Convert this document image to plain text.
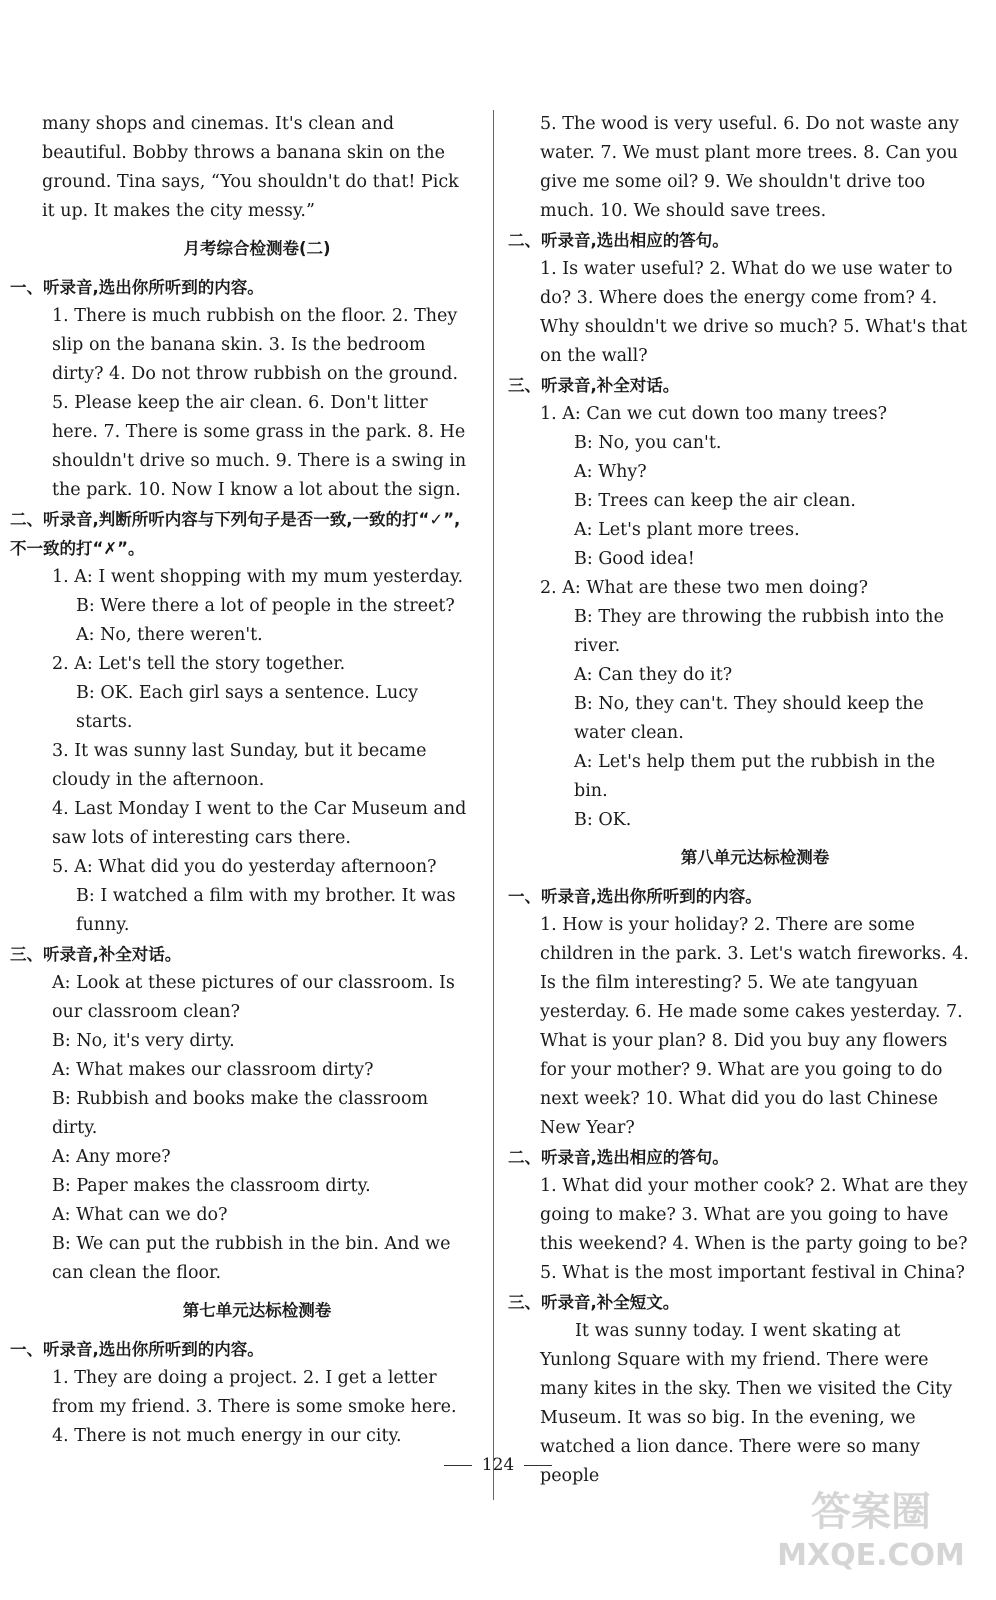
many shops and cinemas. It's clean and beautiful. Bobby throws a banana skin on the ground. Tina says, “You shouldn't do that! Pick it up. It makes the city messy.”

月考综合检测卷(二)

一、听录音,选出你所听到的内容。

1. There is much rubbish on the floor. 2. They slip on the banana skin. 3. Is the bedroom dirty? 4. Do not throw rubbish on the ground. 5. Please keep the air clean. 6. Don't litter here. 7. There is some grass in the park. 8. He shouldn't drive so much. 9. There is a swing in the park. 10. Now I know a lot about the sign.

二、听录音,判断所听内容与下列句子是否一致,一致的打“✓”,不一致的打“✗”。

1. A: I went shopping with my mum yesterday.

B: Were there a lot of people in the street?

A: No, there weren't.

2. A: Let's tell the story together.

B: OK. Each girl says a sentence. Lucy starts.

3. It was sunny last Sunday, but it became cloudy in the afternoon.

4. Last Monday I went to the Car Museum and saw lots of interesting cars there.

5. A: What did you do yesterday afternoon?

B: I watched a film with my brother. It was funny.

三、听录音,补全对话。

A: Look at these pictures of our classroom. Is our classroom clean?

B: No, it's very dirty.

A: What makes our classroom dirty?

B: Rubbish and books make the classroom dirty.

A: Any more?

B: Paper makes the classroom dirty.

A: What can we do?

B: We can put the rubbish in the bin. And we can clean the floor.

第七单元达标检测卷

一、听录音,选出你所听到的内容。

1. They are doing a project. 2. I get a letter from my friend. 3. There is some smoke here. 4. There is not much energy in our city.

5. The wood is very useful. 6. Do not waste any water. 7. We must plant more trees. 8. Can you give me some oil? 9. We shouldn't drive too much. 10. We should save trees.

二、听录音,选出相应的答句。

1. Is water useful? 2. What do we use water to do? 3. Where does the energy come from? 4. Why shouldn't we drive so much? 5. What's that on the wall?

三、听录音,补全对话。

1. A: Can we cut down too many trees?

B: No, you can't.

A: Why?

B: Trees can keep the air clean.

A: Let's plant more trees.

B: Good idea!

2. A: What are these two men doing?

B: They are throwing the rubbish into the river.

A: Can they do it?

B: No, they can't. They should keep the water clean.

A: Let's help them put the rubbish in the bin.

B: OK.

第八单元达标检测卷

一、听录音,选出你所听到的内容。

1. How is your holiday? 2. There are some children in the park. 3. Let's watch fireworks. 4. Is the film interesting? 5. We ate tangyuan yesterday. 6. He made some cakes yesterday. 7. What is your plan? 8. Did you buy any flowers for your mother? 9. What are you going to do next week? 10. What did you do last Chinese New Year?

二、听录音,选出相应的答句。

1. What did your mother cook? 2. What are they going to make? 3. What are you going to have this weekend? 4. When is the party going to be? 5. What is the most important festival in China?

三、听录音,补全短文。

It was sunny today. I went skating at Yunlong Square with my friend. There were many kites in the sky. Then we visited the City Museum. It was so big. In the evening, we watched a lion dance. There were so many people

124
答案圈
MXQE.COM
